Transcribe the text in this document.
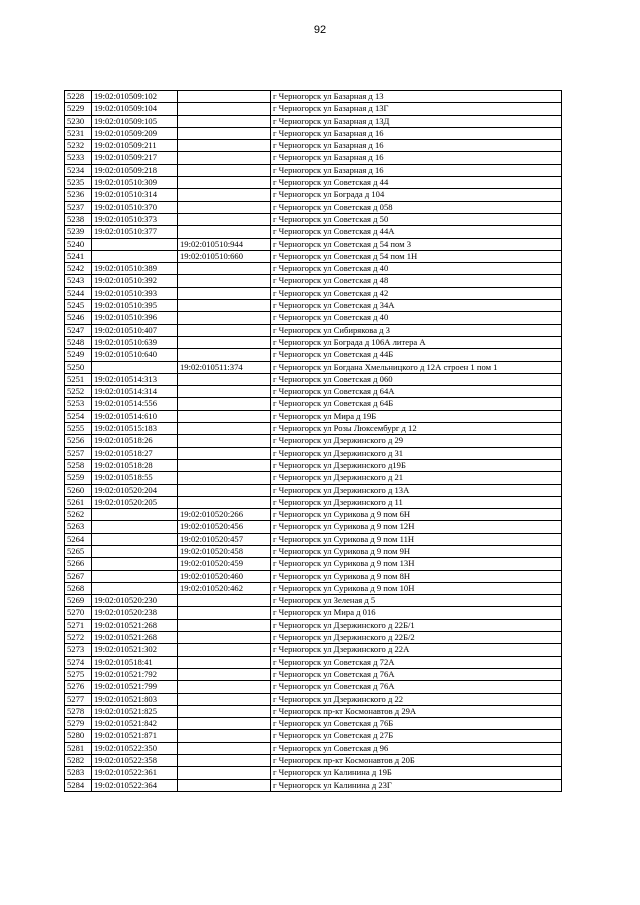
92
5228	19:02:010509:102		г Черногорск ул Базарная д 13
5229	19:02:010509:104		г Черногорск ул Базарная д 13Г
5230	19:02:010509:105		г Черногорск ул Базарная д 13Д
5231	19:02:010509:209		г Черногорск ул Базарная д 16
5232	19:02:010509:211		г Черногорск ул Базарная д 16
5233	19:02:010509:217		г Черногорск ул Базарная д 16
5234	19:02:010509:218		г Черногорск ул Базарная д 16
5235	19:02:010510:309		г Черногорск ул Советская д 44
5236	19:02:010510:314		г Черногорск ул Бограда д 104
5237	19:02:010510:370		г Черногорск ул Советская д 058
5238	19:02:010510:373		г Черногорск ул Советская д 50
5239	19:02:010510:377		г Черногорск ул Советская д 44А
5240		19:02:010510:944	г Черногорск ул Советская д 54 пом 3
5241		19:02:010510:660	г Черногорск ул Советская д 54 пом 1Н
5242	19:02:010510:389		г Черногорск ул Советская д 40
5243	19:02:010510:392		г Черногорск ул Советская д 48
5244	19:02:010510:393		г Черногорск ул Советская д 42
5245	19:02:010510:395		г Черногорск ул Советская д 34А
5246	19:02:010510:396		г Черногорск ул Советская д 40
5247	19:02:010510:407		г Черногорск ул Сибирякова д 3
5248	19:02:010510:639		г Черногорск ул Бограда д 106А литера А
5249	19:02:010510:640		г Черногорск ул Советская д 44Б
5250		19:02:010511:374	г Черногорск ул Богдана Хмельницкого д 12А строен 1 пом 1
5251	19:02:010514:313		г Черногорск ул Советская д 060
5252	19:02:010514:314		г Черногорск ул Советская д 64А
5253	19:02:010514:556		г Черногорск ул Советская д 64Б
5254	19:02:010514:610		г Черногорск ул Мира д 19Б
5255	19:02:010515:183		г Черногорск ул Розы Люксембург д 12
5256	19:02:010518:26		г Черногорск ул Дзержинского д 29
5257	19:02:010518:27		г Черногорск ул Дзержинского д 31
5258	19:02:010518:28		г Черногорск ул Дзержинского д19Б
5259	19:02:010518:55		г Черногорск ул Дзержинского д 21
5260	19:02:010520:204		г Черногорск ул Дзержинского д 13А
5261	19:02:010520:205		г Черногорск ул Дзержинского д 11
5262		19:02:010520:266	г Черногорск ул Сурикова д 9 пом 6Н
5263		19:02:010520:456	г Черногорск ул Сурикова д 9 пом 12Н
5264		19:02:010520:457	г Черногорск ул Сурикова д 9 пом 11Н
5265		19:02:010520:458	г Черногорск ул Сурикова д 9 пом 9Н
5266		19:02:010520:459	г Черногорск ул Сурикова д 9 пом 13Н
5267		19:02:010520:460	г Черногорск ул Сурикова д 9 пом 8Н
5268		19:02:010520:462	г Черногорск ул Сурикова д 9 пом 10Н
5269	19:02:010520:230		г Черногорск ул Зеленая д 5
5270	19:02:010520:238		г Черногорск ул Мира д 016
5271	19:02:010521:268		г Черногорск ул Дзержинского д 22Б/1
5272	19:02:010521:268		г Черногорск ул Дзержинского д 22Б/2
5273	19:02:010521:302		г Черногорск ул Дзержинского д 22А
5274	19:02:010518:41		г Черногорск ул Советская д 72А
5275	19:02:010521:792		г Черногорск ул Советская д 76А
5276	19:02:010521:799		г Черногорск ул Советская д 76А
5277	19:02:010521:803		г Черногорск ул Дзержинского д 22
5278	19:02:010521:825		г Черногорск пр-кт Космонавтов д 29А
5279	19:02:010521:842		г Черногорск ул Советская д 76Б
5280	19:02:010521:871		г Черногорск ул Советская д 27Б
5281	19:02:010522:350		г Черногорск ул Советская д 96
5282	19:02:010522:358		г Черногорск пр-кт Космонавтов д 20Б
5283	19:02:010522:361		г Черногорск ул Калинина д 19Б
5284	19:02:010522:364		г Черногорск ул Калинина д 23Г
